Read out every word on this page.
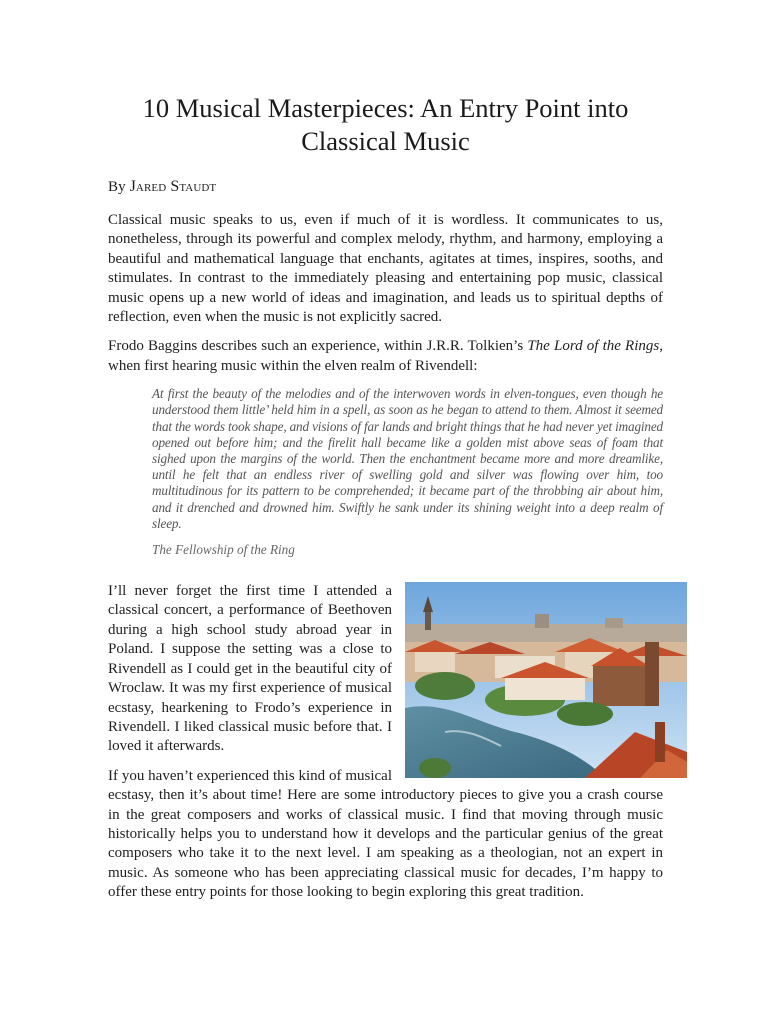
10 Musical Masterpieces: An Entry Point into Classical Music
By Jared Staudt

Classical music speaks to us, even if much of it is wordless. It communicates to us, nonetheless, through its powerful and complex melody, rhythm, and harmony, employing a beautiful and mathematical language that enchants, agitates at times, inspires, sooths, and stimulates. In contrast to the immediately pleasing and entertaining pop music, classical music opens up a new world of ideas and imagination, and leads us to spiritual depths of reflection, even when the music is not explicitly sacred.

Frodo Baggins describes such an experience, within J.R.R. Tolkien’s The Lord of the Rings, when first hearing music within the elven realm of Rivendell:

At first the beauty of the melodies and of the interwoven words in elven-tongues, even though he understood them little’ held him in a spell, as soon as he began to attend to them. Almost it seemed that the words took shape, and visions of far lands and bright things that he had never yet imagined opened out before him; and the firelit hall became like a golden mist above seas of foam that sighed upon the margins of the world. Then the enchantment became more and more dreamlike, until he felt that an endless river of swelling gold and silver was flowing over him, too multitudinous for its pattern to be comprehended; it became part of the throbbing air about him, and it drenched and drowned him. Swiftly he sank under its shining weight into a deep realm of sleep.
The Fellowship of the Ring

I’ll never forget the first time I attended a classical concert, a performance of Beethoven during a high school study abroad year in Poland. I suppose the setting was a close to Rivendell as I could get in the beautiful city of Wroclaw. It was my first experience of musical ecstasy, hearkening to Frodo’s experience in Rivendell. I liked classical music before that. I loved it afterwards.

If you haven’t experienced this kind of musical ecstasy, then it’s about time! Here are some introductory pieces to give you a crash course in the great composers and works of classical music. I find that moving through music historically helps you to understand how it develops and the particular genius of the great composers who take it to the next level. I am speaking as a theologian, not an expert in music. As someone who has been appreciating classical music for decades, I’m happy to offer these entry points for those looking to begin exploring this great tradition.
